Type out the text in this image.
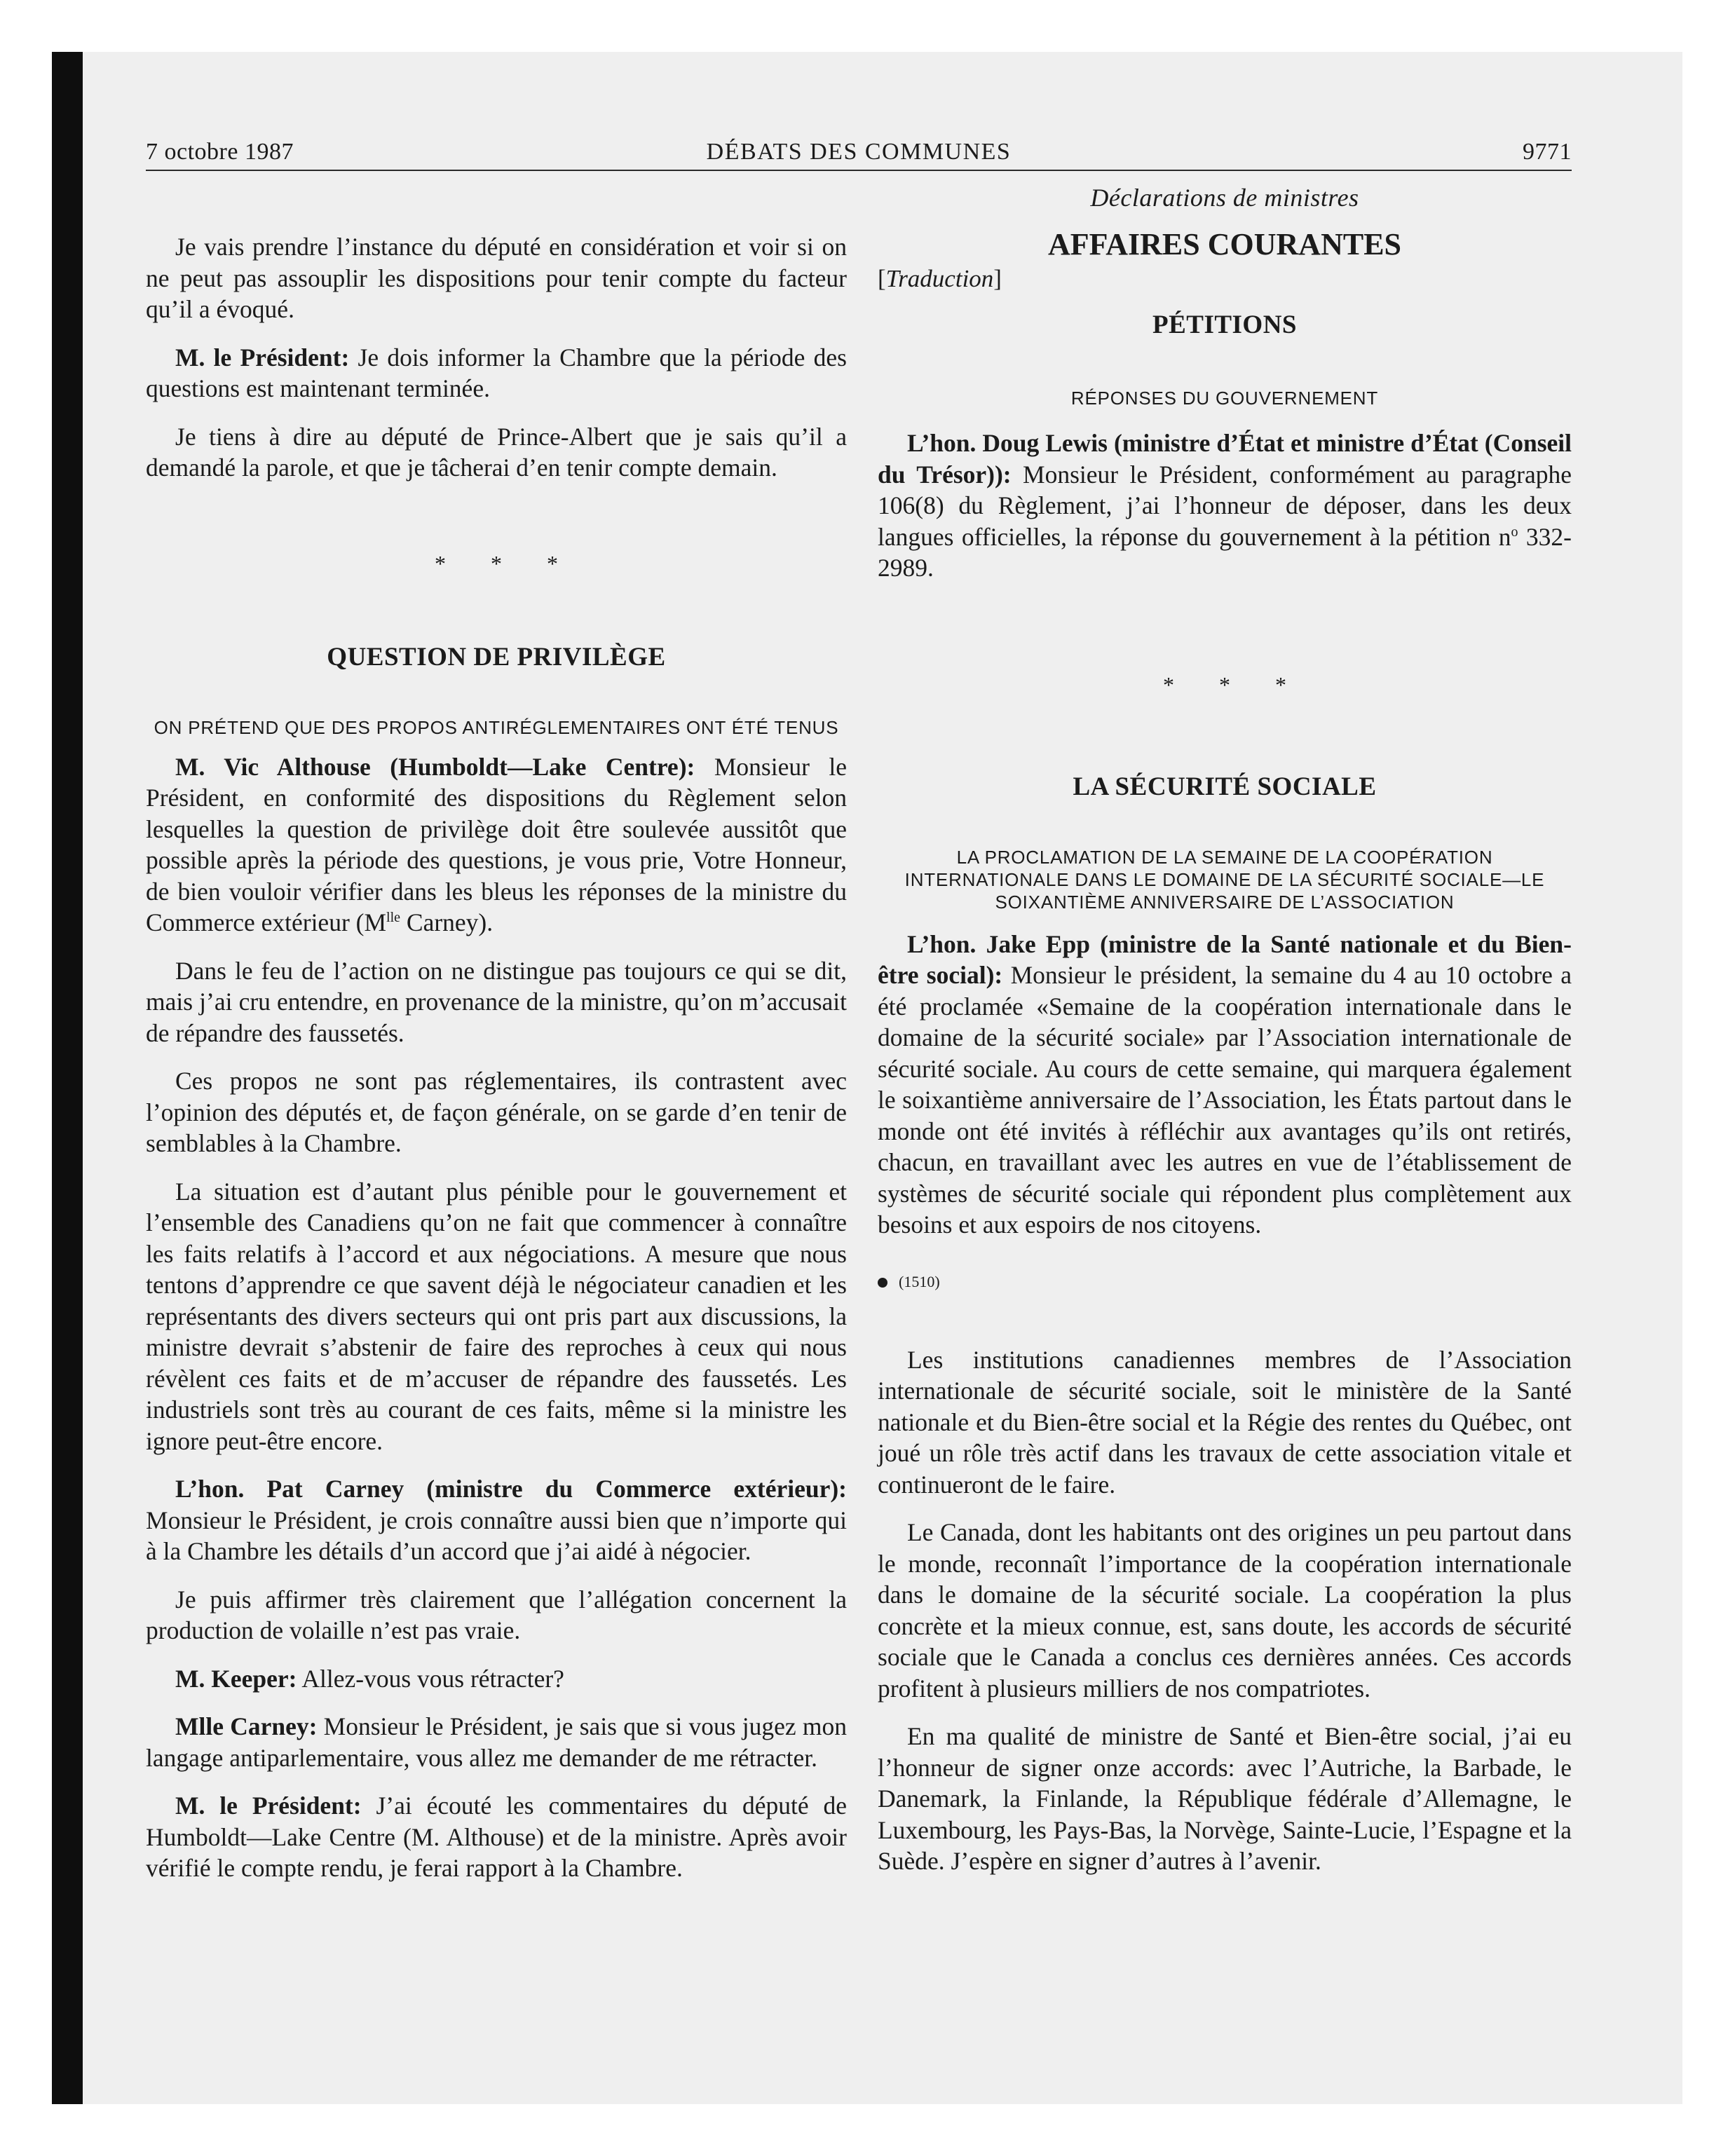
7 octobre 1987	DÉBATS DES COMMUNES	9771

Je vais prendre l’instance du député en considération et voir si on ne peut pas assouplir les dispositions pour tenir compte du facteur qu’il a évoqué.

M. le Président: Je dois informer la Chambre que la période des questions est maintenant terminée.

Je tiens à dire au député de Prince-Albert que je sais qu’il a demandé la parole, et que je tâcherai d’en tenir compte demain.

* * *
QUESTION DE PRIVILÈGE
ON PRÉTEND QUE DES PROPOS ANTIRÉGLEMENTAIRES ONT ÉTÉ TENUS

M. Vic Althouse (Humboldt—Lake Centre): Monsieur le Président, en conformité des dispositions du Règlement selon lesquelles la question de privilège doit être soulevée aussitôt que possible après la période des questions, je vous prie, Votre Honneur, de bien vouloir vérifier dans les bleus les réponses de la ministre du Commerce extérieur ($M^{lle}$ Carney).

Dans le feu de l’action on ne distingue pas toujours ce qui se dit, mais j’ai cru entendre, en provenance de la ministre, qu’on m’accusait de répandre des faussetés.

Ces propos ne sont pas réglementaires, ils contrastent avec l’opinion des députés et, de façon générale, on se garde d’en tenir de semblables à la Chambre.

La situation est d’autant plus pénible pour le gouvernement et l’ensemble des Canadiens qu’on ne fait que commencer à connaître les faits relatifs à l’accord et aux négociations. A mesure que nous tentons d’apprendre ce que savent déjà le négociateur canadien et les représentants des divers secteurs qui ont pris part aux discussions, la ministre devrait s’abstenir de faire des reproches à ceux qui nous révèlent ces faits et de m’accuser de répandre des faussetés. Les industriels sont très au courant de ces faits, même si la ministre les ignore peut-être encore.

L’hon. Pat Carney (ministre du Commerce extérieur): Monsieur le Président, je crois connaître aussi bien que n’importe qui à la Chambre les détails d’un accord que j’ai aidé à négocier.

Je puis affirmer très clairement que l’allégation concernent la production de volaille n’est pas vraie.

M. Keeper: Allez-vous vous rétracter?

Mlle Carney: Monsieur le Président, je sais que si vous jugez mon langage antiparlementaire, vous allez me demander de me rétracter.

M. le Président: J’ai écouté les commentaires du député de Humboldt—Lake Centre (M. Althouse) et de la ministre. Après avoir vérifié le compte rendu, je ferai rapport à la Chambre.

Déclarations de ministres
AFFAIRES COURANTES
[Traduction]
PÉTITIONS
RÉPONSES DU GOUVERNEMENT

L’hon. Doug Lewis (ministre d’État et ministre d’État (Conseil du Trésor)): Monsieur le Président, conformément au paragraphe 106(8) du Règlement, j’ai l’honneur de déposer, dans les deux langues officielles, la réponse du gouvernement à la pétition $n^o$ 332-2989.

* * *
LA SÉCURITÉ SOCIALE
LA PROCLAMATION DE LA SEMAINE DE LA COOPÉRATION INTERNATIONALE DANS LE DOMAINE DE LA SÉCURITÉ SOCIALE—LE SOIXANTIÈME ANNIVERSAIRE DE L’ASSOCIATION

L’hon. Jake Epp (ministre de la Santé nationale et du Bien-être social): Monsieur le président, la semaine du 4 au 10 octobre a été proclamée «Semaine de la coopération internationale dans le domaine de la sécurité sociale» par l’Association internationale de sécurité sociale. Au cours de cette semaine, qui marquera également le soixantième anniversaire de l’Association, les États partout dans le monde ont été invités à réfléchir aux avantages qu’ils ont retirés, chacun, en travaillant avec les autres en vue de l’établissement de systèmes de sécurité sociale qui répondent plus complètement aux besoins et aux espoirs de nos citoyens.

(1510)

Les institutions canadiennes membres de l’Association internationale de sécurité sociale, soit le ministère de la Santé nationale et du Bien-être social et la Régie des rentes du Québec, ont joué un rôle très actif dans les travaux de cette association vitale et continueront de le faire.

Le Canada, dont les habitants ont des origines un peu partout dans le monde, reconnaît l’importance de la coopération internationale dans le domaine de la sécurité sociale. La coopération la plus concrète et la mieux connue, est, sans doute, les accords de sécurité sociale que le Canada a conclus ces dernières années. Ces accords profitent à plusieurs milliers de nos compatriotes.

En ma qualité de ministre de Santé et Bien-être social, j’ai eu l’honneur de signer onze accords: avec l’Autriche, la Barbade, le Danemark, la Finlande, la République fédérale d’Allemagne, le Luxembourg, les Pays-Bas, la Norvège, Sainte-Lucie, l’Espagne et la Suède. J’espère en signer d’autres à l’avenir.
